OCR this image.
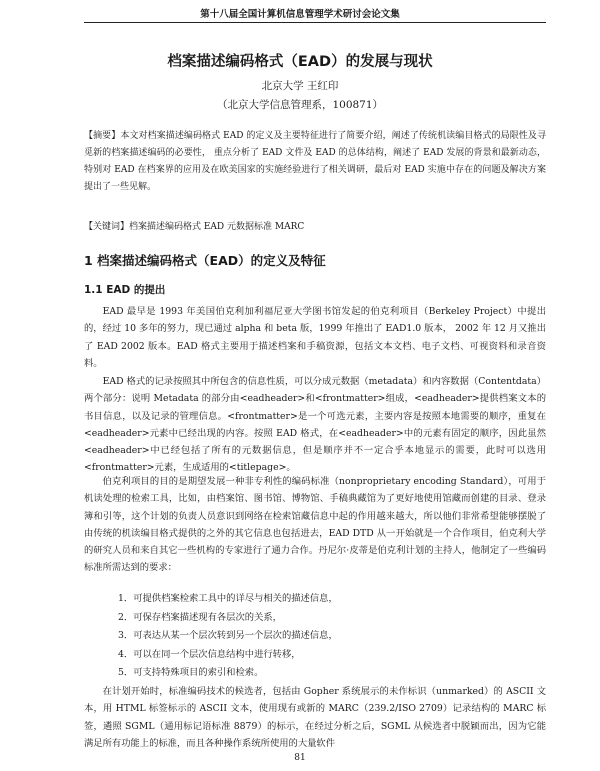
第十八届全国计算机信息管理学术研讨会论文集
档案描述编码格式（EAD）的发展与现状
北京大学 王红印
（北京大学信息管理系，100871）
【摘要】本文对档案描述编码格式 EAD 的定义及主要特征进行了简要介绍，阐述了传统机读编目格式的局限性及寻觅新的档案描述编码的必要性， 重点分析了 EAD 文件及 EAD 的总体结构，阐述了 EAD 发展的背景和最新动态， 特别对 EAD 在档案界的应用及在欧美国家的实施经验进行了相关调研，最后对 EAD 实施中存在的问题及解决方案提出了一些见解。
【关键词】档案描述编码格式 EAD 元数据标准 MARC
1 档案描述编码格式（EAD）的定义及特征
1.1 EAD 的提出
EAD 最早是 1993 年美国伯克利加利福尼亚大学图书馆发起的伯克利项目（Berkeley Project）中提出的，经过 10 多年的努力，现已通过 alpha 和 beta 版，1999 年推出了 EAD1.0 版本， 2002 年 12 月又推出了 EAD 2002 版本。EAD 格式主要用于描述档案和手稿资源，包括文本文档、电子文档、可视资料和录音资料。
EAD 格式的记录按照其中所包含的信息性质，可以分成元数据（metadata）和内容数据（Contentdata）两个部分：说明 Metadata 的部分由<eadheader>和<frontmatter>组成，<eadheader>提供档案文本的书目信息，以及记录的管理信息。<frontmatter>是一个可选元素，主要内容是按照本地需要的顺序，重复在<eadheader>元素中已经出现的内容。按照 EAD 格式，在<eadheader>中的元素有固定的顺序，因此虽然<eadheader>中已经包括了所有的元数据信息，但是顺序并不一定合乎本地显示的需要，此时可以选用<frontmatter>元素，生成适用的<titlepage>。
伯克利项目的目的是期望发展一种非专利性的编码标准（nonproprietary encoding Standard），可用于机读处理的检索工具，比如，由档案馆、图书馆、博物馆、手稿典藏馆为了更好地使用馆藏而创建的目录、登录簿和引等，这个计划的负责人员意识到网络在检索馆藏信息中起的作用越来越大，所以他们非常希望能够摆脱了由传统的机读编目格式提供的之外的其它信息也包括进去，EAD DTD 从一开始就是一个合作项目，伯克利大学的研究人员和来自其它一些机构的专家进行了通力合作。丹尼尔·皮蒂是伯克利计划的主持人，他制定了一些编码标准所需达到的要求：
1．可提供档案检索工具中的详尽与相关的描述信息，
2．可保存档案描述现有各层次的关系，
3．可表达从某一个层次转到另一个层次的描述信息，
4．可以在同一个层次信息结构中进行转移，
5．可支持特殊项目的索引和检索。
在计划开始时，标准编码技术的候选者，包括由 Gopher 系统展示的未作标识（unmarked）的 ASCII 文本，用 HTML 标签标示的 ASCII 文本，使用现有或新的 MARC（239.2/ISO 2709）记录结构的 MARC 标签，遴照 SGML（通用标记语标准 8879）的标示，在经过分析之后，SGML 从候选者中脱颖而出，因为它能满足所有功能上的标准，而且各种操作系统所使用的大量软件
81
